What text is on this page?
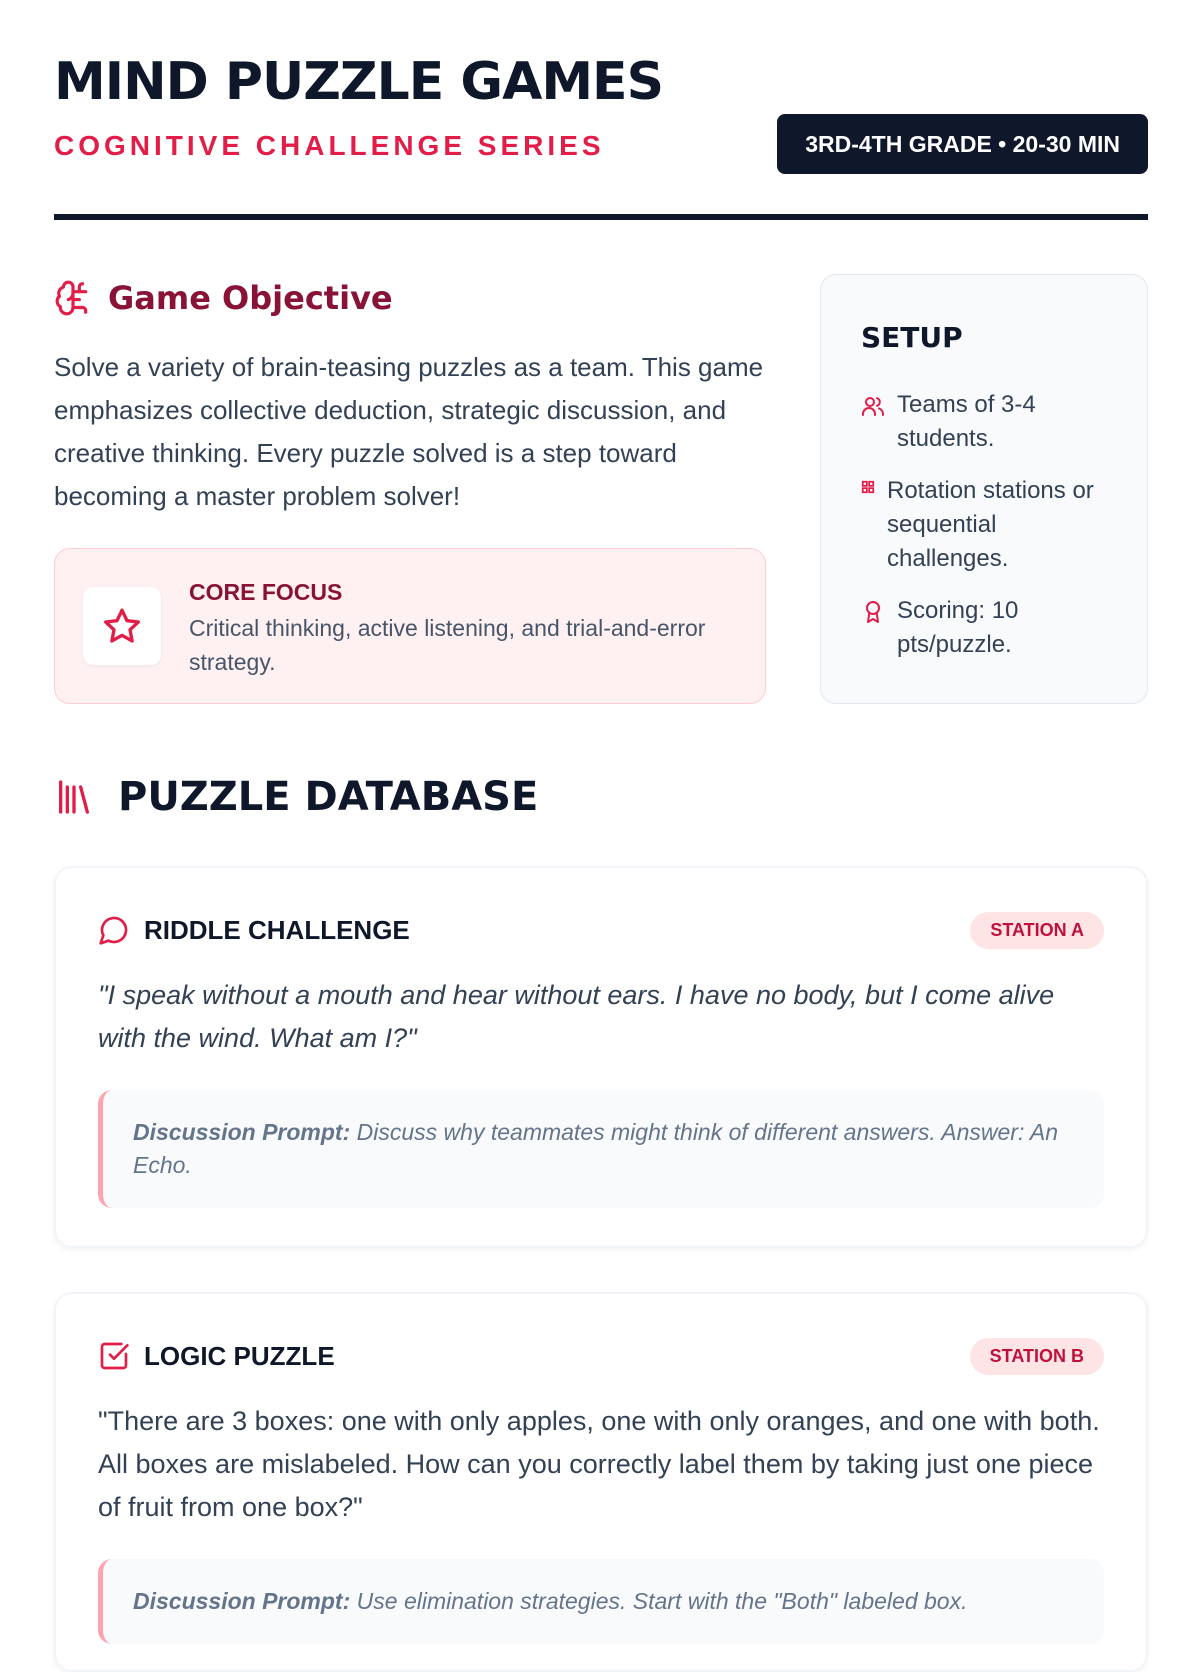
MIND PUZZLE GAMES
COGNITIVE CHALLENGE SERIES	3RD-4TH GRADE • 20-30 MIN
Game Objective

Solve a variety of brain-teasing puzzles as a team. This game emphasizes collective deduction, strategic discussion, and creative thinking. Every puzzle solved is a step toward becoming a master problem solver!

CORE FOCUS
Critical thinking, active listening, and trial-and-error strategy.
SETUP
Teams of 3-4 students.
Rotation stations or sequential challenges.
Scoring: 10 pts/puzzle.
PUZZLE DATABASE
RIDDLE CHALLENGE	STATION A

"I speak without a mouth and hear without ears. I have no body, but I come alive with the wind. What am I?"

Discussion Prompt: Discuss why teammates might think of different answers. Answer: An Echo.
LOGIC PUZZLE	STATION B

"There are 3 boxes: one with only apples, one with only oranges, and one with both. All boxes are mislabeled. How can you correctly label them by taking just one piece of fruit from one box?"

Discussion Prompt: Use elimination strategies. Start with the "Both" labeled box.
